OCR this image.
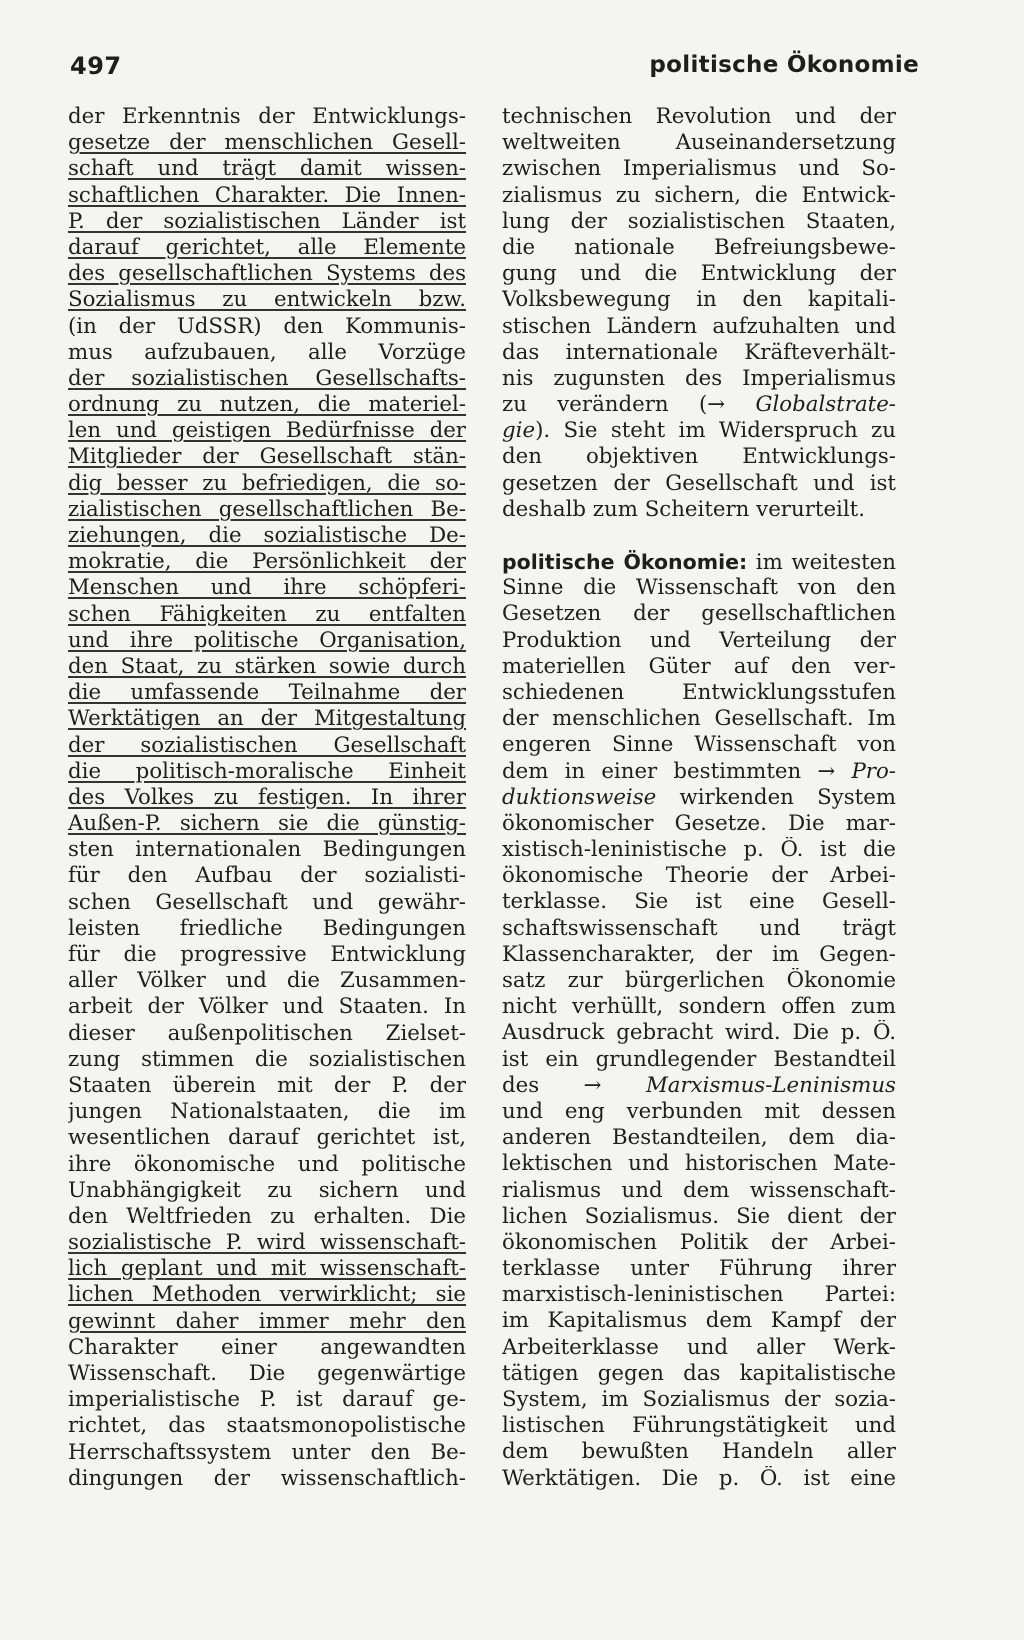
497	politische Ökonomie
der Erkenntnis der Entwicklungs-
gesetze der menschlichen Gesell-
schaft und trägt damit wissen-
schaftlichen Charakter. Die Innen-
P. der sozialistischen Länder ist
darauf gerichtet, alle Elemente
des gesellschaftlichen Systems des
Sozialismus zu entwickeln bzw.
(in der UdSSR) den Kommunis-
mus aufzubauen, alle Vorzüge
der sozialistischen Gesellschafts-
ordnung zu nutzen, die materiel-
len und geistigen Bedürfnisse der
Mitglieder der Gesellschaft stän-
dig besser zu befriedigen, die so-
zialistischen gesellschaftlichen Be-
ziehungen, die sozialistische De-
mokratie, die Persönlichkeit der
Menschen und ihre schöpferi-
schen Fähigkeiten zu entfalten
und ihre politische Organisation,
den Staat, zu stärken sowie durch
die umfassende Teilnahme der
Werktätigen an der Mitgestaltung
der sozialistischen Gesellschaft
die politisch-moralische Einheit
des Volkes zu festigen. In ihrer
Außen-P. sichern sie die günstig-
sten internationalen Bedingungen
für den Aufbau der sozialisti-
schen Gesellschaft und gewähr-
leisten friedliche Bedingungen
für die progressive Entwicklung
aller Völker und die Zusammen-
arbeit der Völker und Staaten. In
dieser außenpolitischen Zielset-
zung stimmen die sozialistischen
Staaten überein mit der P. der
jungen Nationalstaaten, die im
wesentlichen darauf gerichtet ist,
ihre ökonomische und politische
Unabhängigkeit zu sichern und
den Weltfrieden zu erhalten. Die
sozialistische P. wird wissenschaft-
lich geplant und mit wissenschaft-
lichen Methoden verwirklicht; sie
gewinnt daher immer mehr den
Charakter einer angewandten
Wissenschaft. Die gegenwärtige
imperialistische P. ist darauf ge-
richtet, das staatsmonopolistische
Herrschaftssystem unter den Be-
dingungen der wissenschaftlich-
technischen Revolution und der
weltweiten Auseinandersetzung
zwischen Imperialismus und So-
zialismus zu sichern, die Entwick-
lung der sozialistischen Staaten,
die nationale Befreiungsbewe-
gung und die Entwicklung der
Volksbewegung in den kapitali-
stischen Ländern aufzuhalten und
das internationale Kräfteverhält-
nis zugunsten des Imperialismus
zu verändern (→ Globalstrate-
gie). Sie steht im Widerspruch zu
den objektiven Entwicklungs-
gesetzen der Gesellschaft und ist
deshalb zum Scheitern verurteilt.
politische Ökonomie: im weitesten
Sinne die Wissenschaft von den
Gesetzen der gesellschaftlichen
Produktion und Verteilung der
materiellen Güter auf den ver-
schiedenen Entwicklungsstufen
der menschlichen Gesellschaft. Im
engeren Sinne Wissenschaft von
dem in einer bestimmten → Pro-
duktionsweise wirkenden System
ökonomischer Gesetze. Die mar-
xistisch-leninistische p. Ö. ist die
ökonomische Theorie der Arbei-
terklasse. Sie ist eine Gesell-
schaftswissenschaft und trägt
Klassencharakter, der im Gegen-
satz zur bürgerlichen Ökonomie
nicht verhüllt, sondern offen zum
Ausdruck gebracht wird. Die p. Ö.
ist ein grundlegender Bestandteil
des → Marxismus-Leninismus
und eng verbunden mit dessen
anderen Bestandteilen, dem dia-
lektischen und historischen Mate-
rialismus und dem wissenschaft-
lichen Sozialismus. Sie dient der
ökonomischen Politik der Arbei-
terklasse unter Führung ihrer
marxistisch-leninistischen Partei:
im Kapitalismus dem Kampf der
Arbeiterklasse und aller Werk-
tätigen gegen das kapitalistische
System, im Sozialismus der sozia-
listischen Führungstätigkeit und
dem bewußten Handeln aller
Werktätigen. Die p. Ö. ist eine
